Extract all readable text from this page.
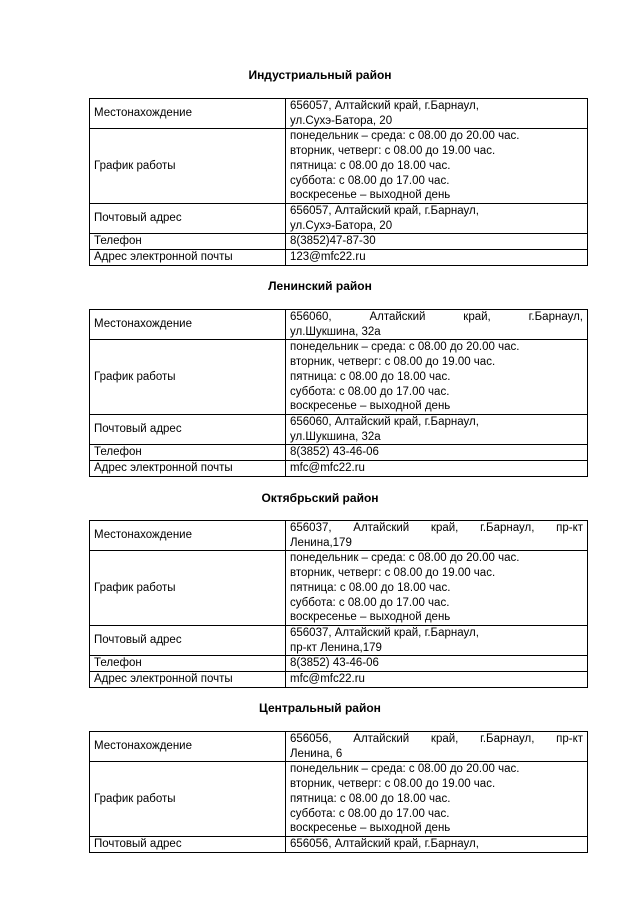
Индустриальный район
Местонахождение	656057, Алтайский край, г.Барнаул,
ул.Сухэ-Батора, 20

График работы	понедельник – среда: с 08.00 до 20.00 час.
вторник, четверг: с 08.00 до 19.00 час.
пятница: с 08.00 до 18.00 час.
суббота: с 08.00 до 17.00 час.
воскресенье – выходной день

Почтовый адрес	656057, Алтайский край, г.Барнаул,
ул.Сухэ-Батора, 20

Телефон	8(3852)47-87-30
Адрес электронной почты	123@mfc22.ru
Ленинский район
Местонахождение	656060, Алтайский край, г.Барнаул,
ул.Шукшина, 32а

График работы	понедельник – среда: с 08.00 до 20.00 час.
вторник, четверг: с 08.00 до 19.00 час.
пятница: с 08.00 до 18.00 час.
суббота: с 08.00 до 17.00 час.
воскресенье – выходной день

Почтовый адрес	656060, Алтайский край, г.Барнаул,
ул.Шукшина, 32а

Телефон	8(3852) 43-46-06
Адрес электронной почты	mfc@mfc22.ru
Октябрьский район
Местонахождение	656037, Алтайский край, г.Барнаул, пр-кт
Ленина,179

График работы	понедельник – среда: с 08.00 до 20.00 час.
вторник, четверг: с 08.00 до 19.00 час.
пятница: с 08.00 до 18.00 час.
суббота: с 08.00 до 17.00 час.
воскресенье – выходной день

Почтовый адрес	656037, Алтайский край, г.Барнаул,
пр-кт Ленина,179

Телефон	8(3852) 43-46-06
Адрес электронной почты	mfc@mfc22.ru
Центральный район
Местонахождение	656056, Алтайский край, г.Барнаул, пр-кт
Ленина, 6

График работы	понедельник – среда: с 08.00 до 20.00 час.
вторник, четверг: с 08.00 до 19.00 час.
пятница: с 08.00 до 18.00 час.
суббота: с 08.00 до 17.00 час.
воскресенье – выходной день

Почтовый адрес	656056, Алтайский край, г.Барнаул,
